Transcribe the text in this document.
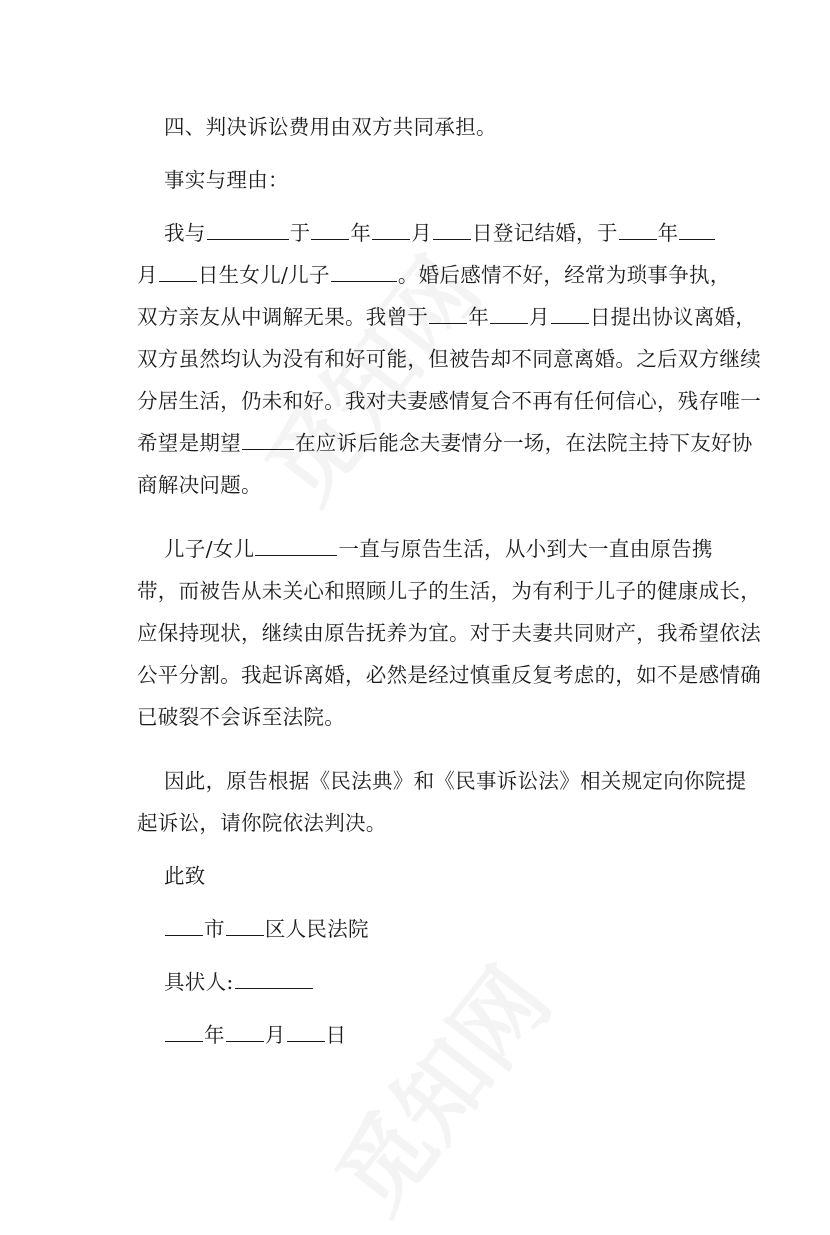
四、判决诉讼费用由双方共同承担。
事实与理由：
我与	于 年 月 日登记结婚，于 年
月 日生女儿/儿子	。婚后感情不好，经常为琐事争执，
双方亲友从中调解无果。我曾于 年 月 日提出协议离婚，
双方虽然均认为没有和好可能，但被告却不同意离婚。之后双方继续
分居生活，仍未和好。我对夫妻感情复合不再有任何信心，残存唯一
希望是期望	在应诉后能念夫妻情分一场，在法院主持下友好协
商解决问题。
儿子/女儿	一直与原告生活，从小到大一直由原告携
带，而被告从未关心和照顾儿子的生活，为有利于儿子的健康成长，
应保持现状，继续由原告抚养为宜。对于夫妻共同财产，我希望依法
公平分割。我起诉离婚，必然是经过慎重反复考虑的，如不是感情确
已破裂不会诉至法院。
因此，原告根据《民法典》和《民事诉讼法》相关规定向你院提
起诉讼，请你院依法判决。
此致
市 区人民法院
具状人:
年 月 日
